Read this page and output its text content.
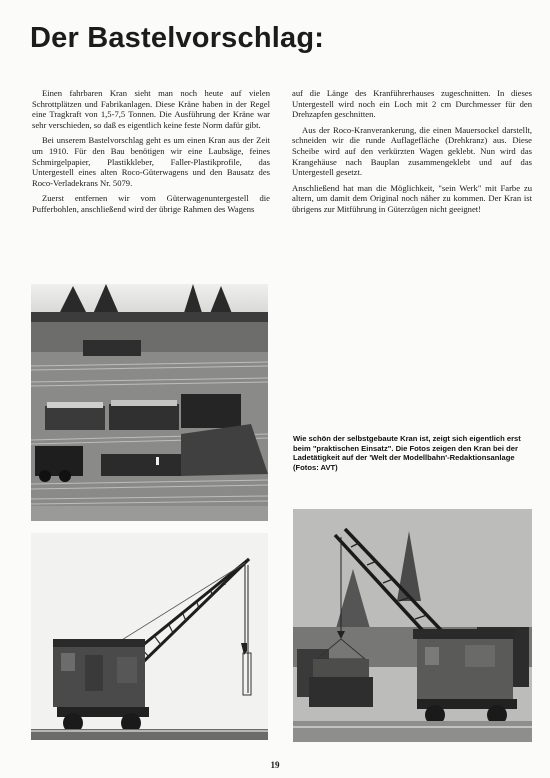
Der Bastelvorschlag:

Einen fahrbaren Kran sieht man noch heute auf vielen Schrottplätzen und Fabrikanlagen. Diese Kräne haben in der Regel eine Tragkraft von 1,5-7,5 Tonnen. Die Ausführung der Kräne war sehr verschieden, so daß es eigentlich keine feste Norm dafür gibt.

Bei unserem Bastelvorschlag geht es um einen Kran aus der Zeit um 1910. Für den Bau benötigen wir eine Laubsäge, feines Schmirgelpapier, Plastikkleber, Faller-Plastikprofile, das Untergestell eines alten Roco-Güterwagens und den Bausatz des Roco-Verladekrans Nr. 5079.

Zuerst entfernen wir vom Güterwagenuntergestell die Pufferbohlen, anschließend wird der übrige Rahmen des Wagens

auf die Länge des Kranführerhauses zugeschnitten. In dieses Untergestell wird noch ein Loch mit 2 cm Durchmesser für den Drehzapfen geschnitten.

Aus der Roco-Kranverankerung, die einen Mauersockel darstellt, schneiden wir die runde Auflagefläche (Drehkranz) aus. Diese Scheibe wird auf den verkürzten Wagen geklebt. Nun wird das Krangehäuse nach Bauplan zusammengeklebt und auf das Untergestell gesetzt.

Anschließend hat man die Möglichkeit, "sein Werk" mit Farbe zu altern, um damit dem Original noch näher zu kommen. Der Kran ist übrigens zur Mitführung in Güterzügen nicht geeignet!

Wie schön der selbstgebaute Kran ist, zeigt sich eigentlich erst beim "praktischen Einsatz". Die Fotos zeigen den Kran bei der Ladetätigkeit auf der 'Welt der Modellbahn'-Redaktionsanlage (Fotos: AVT)
19
